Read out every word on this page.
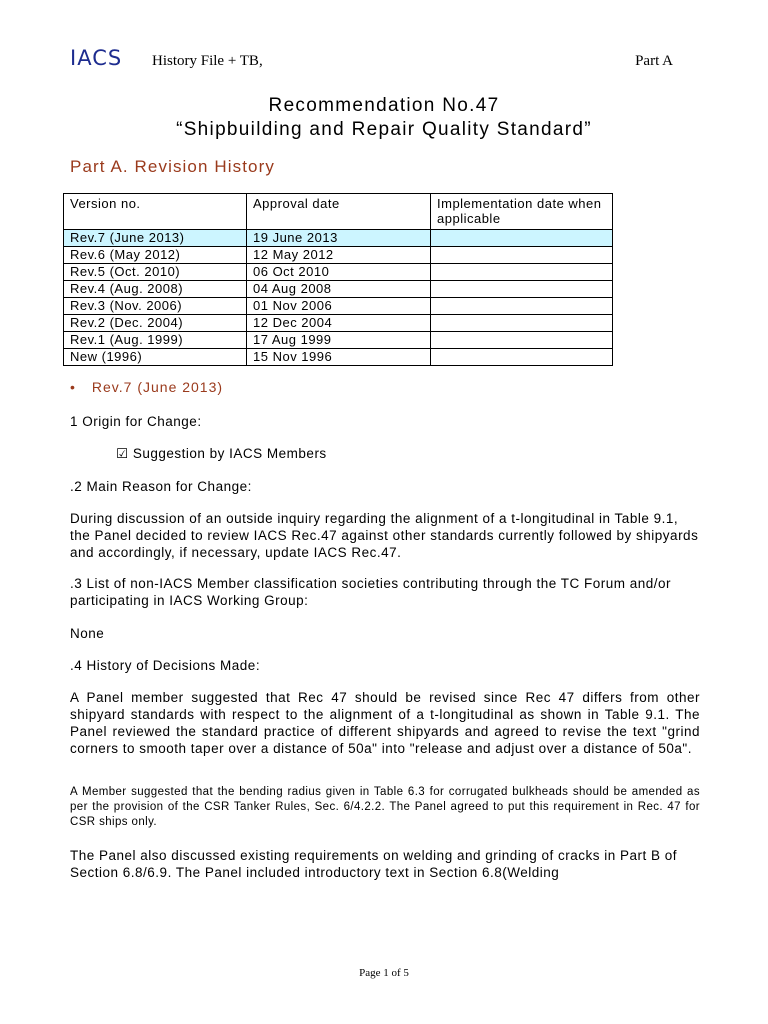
IACS History File + TB,	Part A
Recommendation No.47
“Shipbuilding and Repair Quality Standard”
Part A. Revision History
Version no.	Approval date	Implementation date when applicable
Rev.7 (June 2013)	19 June 2013	
Rev.6 (May 2012)	12 May 2012	
Rev.5 (Oct. 2010)	06 Oct 2010	
Rev.4 (Aug. 2008)	04 Aug 2008	
Rev.3 (Nov. 2006)	01 Nov 2006	
Rev.2 (Dec. 2004)	12 Dec 2004	
Rev.1 (Aug. 1999)	17 Aug 1999	
New (1996)	15 Nov 1996	
• Rev.7 (June 2013)
1 Origin for Change:
☑ Suggestion by IACS Members
.2 Main Reason for Change:
During discussion of an outside inquiry regarding the alignment of a t-longitudinal in Table 9.1, the Panel decided to review IACS Rec.47 against other standards currently followed by shipyards and accordingly, if necessary, update IACS Rec.47.
.3 List of non-IACS Member classification societies contributing through the TC Forum and/or participating in IACS Working Group:
None
.4 History of Decisions Made:
A Panel member suggested that Rec 47 should be revised since Rec 47 differs from other shipyard standards with respect to the alignment of a t-longitudinal as shown in Table 9.1. The Panel reviewed the standard practice of different shipyards and agreed to revise the text "grind corners to smooth taper over a distance of 50a" into "release and adjust over a distance of 50a".
A Member suggested that the bending radius given in Table 6.3 for corrugated bulkheads should be amended as per the provision of the CSR Tanker Rules, Sec. 6/4.2.2. The Panel agreed to put this requirement in Rec. 47 for CSR ships only.
The Panel also discussed existing requirements on welding and grinding of cracks in Part B of Section 6.8/6.9. The Panel included introductory text in Section 6.8(Welding
Page 1 of 5
